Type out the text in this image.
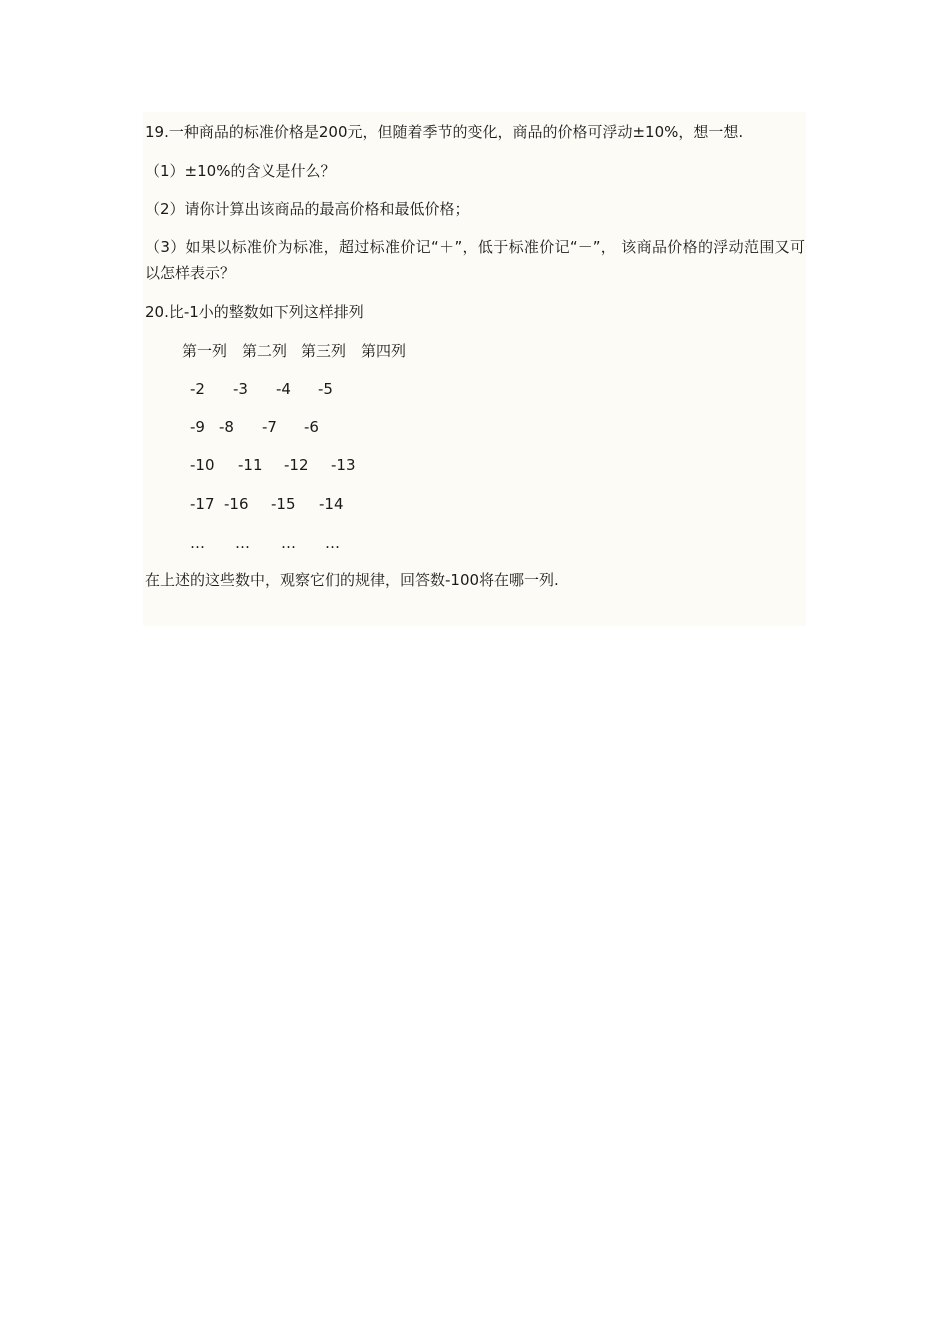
19.一种商品的标准价格是200元，但随着季节的变化，商品的价格可浮动±10%，想一想.
（1）±10%的含义是什么？
（2）请你计算出该商品的最高价格和最低价格；
（3）如果以标准价为标准，超过标准价记“＋”，低于标准价记“－”， 该商品价格的浮动范围又可以怎样表示？
20.比-1小的整数如下列这样排列
第一列 第二列 第三列 第四列
-2 -3 -4 -5
-9 -8 -7 -6
-10 -11 -12 -13
-17 -16 -15 -14
… … … …
在上述的这些数中，观察它们的规律，回答数-100将在哪一列.
